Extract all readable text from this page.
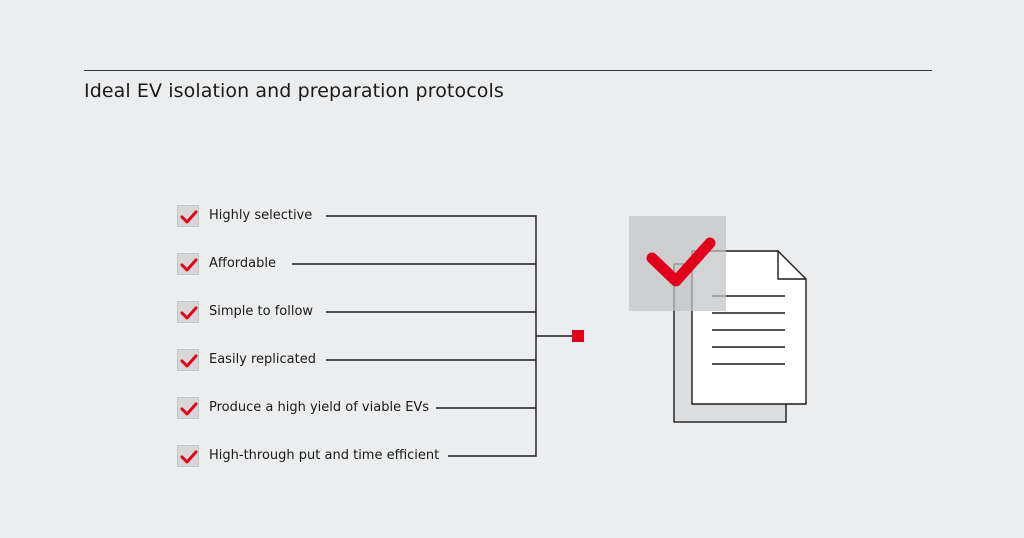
Ideal EV isolation and preparation protocols
Highly selective
Affordable
Simple to follow
Easily replicated
Produce a high yield of viable EVs
High-through put and time efficient
